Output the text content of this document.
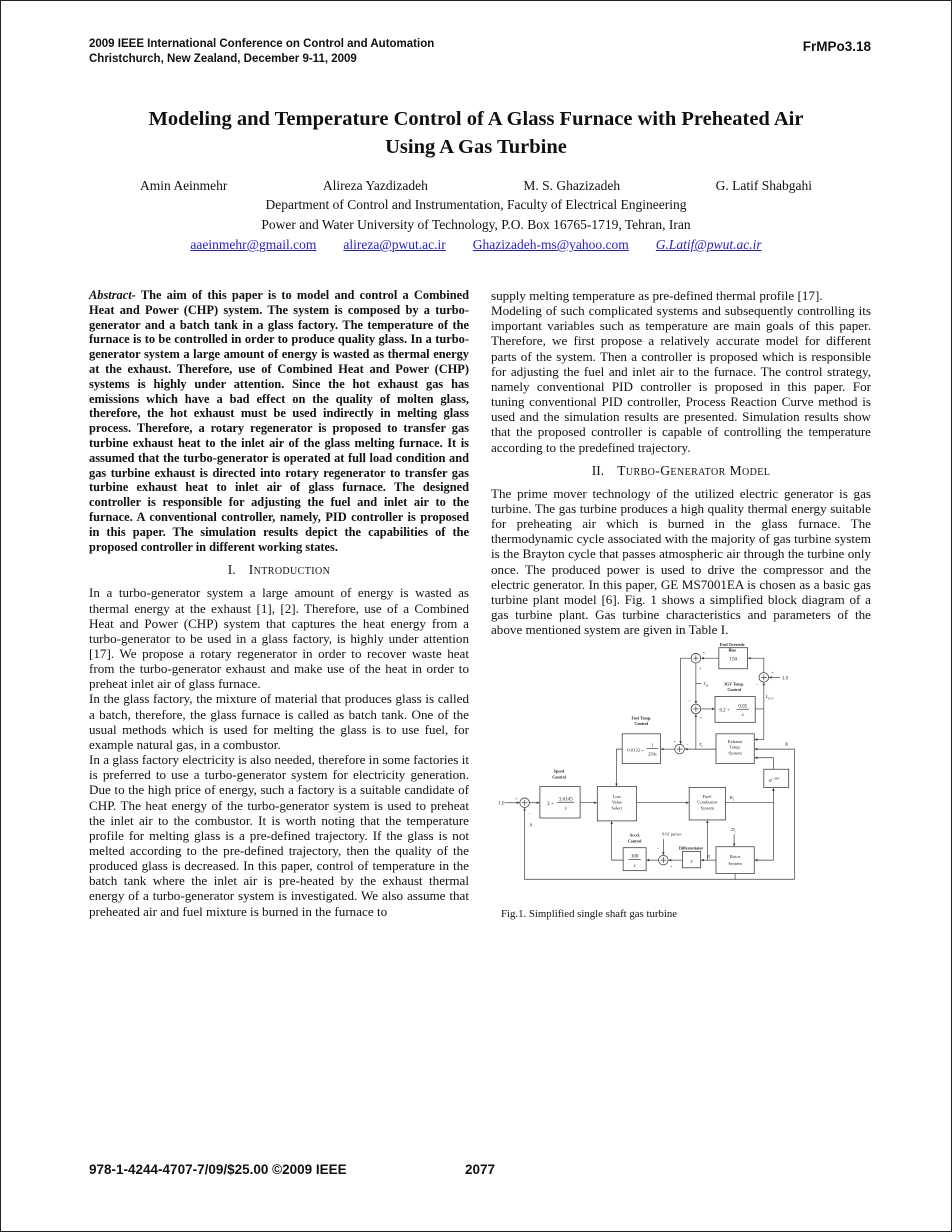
2009 IEEE International Conference on Control and Automation
Christchurch, New Zealand, December 9-11, 2009
FrMPo3.18
Modeling and Temperature Control of A Glass Furnace with Preheated Air Using A Gas Turbine
Amin Aeinmehr	Alireza Yazdizadeh	M. S. Ghazizadeh	G. Latif Shabgahi
Department of Control and Instrumentation, Faculty of Electrical Engineering
Power and Water University of Technology, P.O. Box 16765-1719, Tehran, Iran
aaeinmehr@gmail.com alireza@pwut.ac.ir Ghazizadeh-ms@yahoo.com G.Latif@pwut.ac.ir

Abstract- The aim of this paper is to model and control a Combined Heat and Power (CHP) system. The system is composed by a turbo-generator and a batch tank in a glass factory. The temperature of the furnace is to be controlled in order to produce quality glass. In a turbo-generator system a large amount of energy is wasted as thermal energy at the exhaust. Therefore, use of Combined Heat and Power (CHP) systems is highly under attention. Since the hot exhaust gas has emissions which have a bad effect on the quality of molten glass, therefore, the hot exhaust must be used indirectly in melting glass process. Therefore, a rotary regenerator is proposed to transfer gas turbine exhaust heat to the inlet air of the glass melting furnace. It is assumed that the turbo-generator is operated at full load condition and gas turbine exhaust is directed into rotary regenerator to transfer gas turbine exhaust heat to inlet air of glass furnace. The designed controller is responsible for adjusting the fuel and inlet air to the furnace. A conventional controller, namely, PID controller is proposed in this paper. The simulation results depict the capabilities of the proposed controller in different working states.

I. Introduction

In a turbo-generator system a large amount of energy is wasted as thermal energy at the exhaust [1], [2]. Therefore, use of a Combined Heat and Power (CHP) system that captures the heat energy from a turbo-generator to be used in a glass factory, is highly under attention [17]. We propose a rotary regenerator in order to recover waste heat from the turbo-generator exhaust and make use of the heat in order to preheat inlet air of glass furnace.

In the glass factory, the mixture of material that produces glass is called a batch, therefore, the glass furnace is called as batch tank. One of the usual methods which is used for melting the glass is to use fuel, for example natural gas, in a combustor.

In a glass factory electricity is also needed, therefore in some factories it is preferred to use a turbo-generator system for electricity generation. Due to the high price of energy, such a factory is a suitable candidate of CHP. The heat energy of the turbo-generator system is used to preheat the inlet air to the combustor. It is worth noting that the temperature profile for melting glass is a pre-defined trajectory. If the glass is not melted according to the pre-defined trajectory, then the quality of the produced glass is decreased. In this paper, control of temperature in the batch tank where the inlet air is pre-heated by the exhaust thermal energy of a turbo-generator system is investigated. We also assume that preheated air and fuel mixture is burned in the furnace to

supply melting temperature as pre-defined thermal profile [17].

Modeling of such complicated systems and subsequently controlling its important variables such as temperature are main goals of this paper. Therefore, we first propose a relatively accurate model for different parts of the system. Then a controller is proposed which is responsible for adjusting the fuel and inlet air to the furnace. The control strategy, namely conventional PID controller is proposed in this paper. For tuning conventional PID controller, Process Reaction Curve method is used and the simulation results are presented. Simulation results show that the proposed controller is capable of controlling the temperature according to the predefined trajectory.

II. Turbo-Generator Model

The prime mover technology of the utilized electric generator is gas turbine. The gas turbine produces a high quality thermal energy suitable for preheating air which is burned in the glass furnace. The thermodynamic cycle associated with the majority of gas turbine system is the Brayton cycle that passes atmospheric air through the turbine only once. The produced power is used to drive the compressor and the electric generator. In this paper, GE MS7001EA is chosen as a basic gas turbine plant model [6]. Fig. 1 shows a simplified block diagram of a gas turbine plant. Gas turbine characteristics and parameters of the above mentioned system are given in Table I.

150
0.2 +
0.05
s
0.0132 +
1
250s
Exhaust
Temp.
System
$e^{-s\tau w}$
3 +
3.6145
s
Low
Value
Select
Fuel-
Combustor
System
100
s
s
Rotor
System
Fuel Override
Bias
1.0
1.0
$L_{IGV}$
$T_R$
$T_x$
IGV Temp.
Control
Fuel Temp.
Control
Speed
Control
Accel.
Control
Differentiator
0.01 pu/sec
N
N
N
$W_f$
$D_t$
+
−
+
+
+
−
−
+
+
−
−
+
Fig.1. Simplified single shaft gas turbine
978-1-4244-4707-7/09/$25.00 ©2009 IEEE	2077
